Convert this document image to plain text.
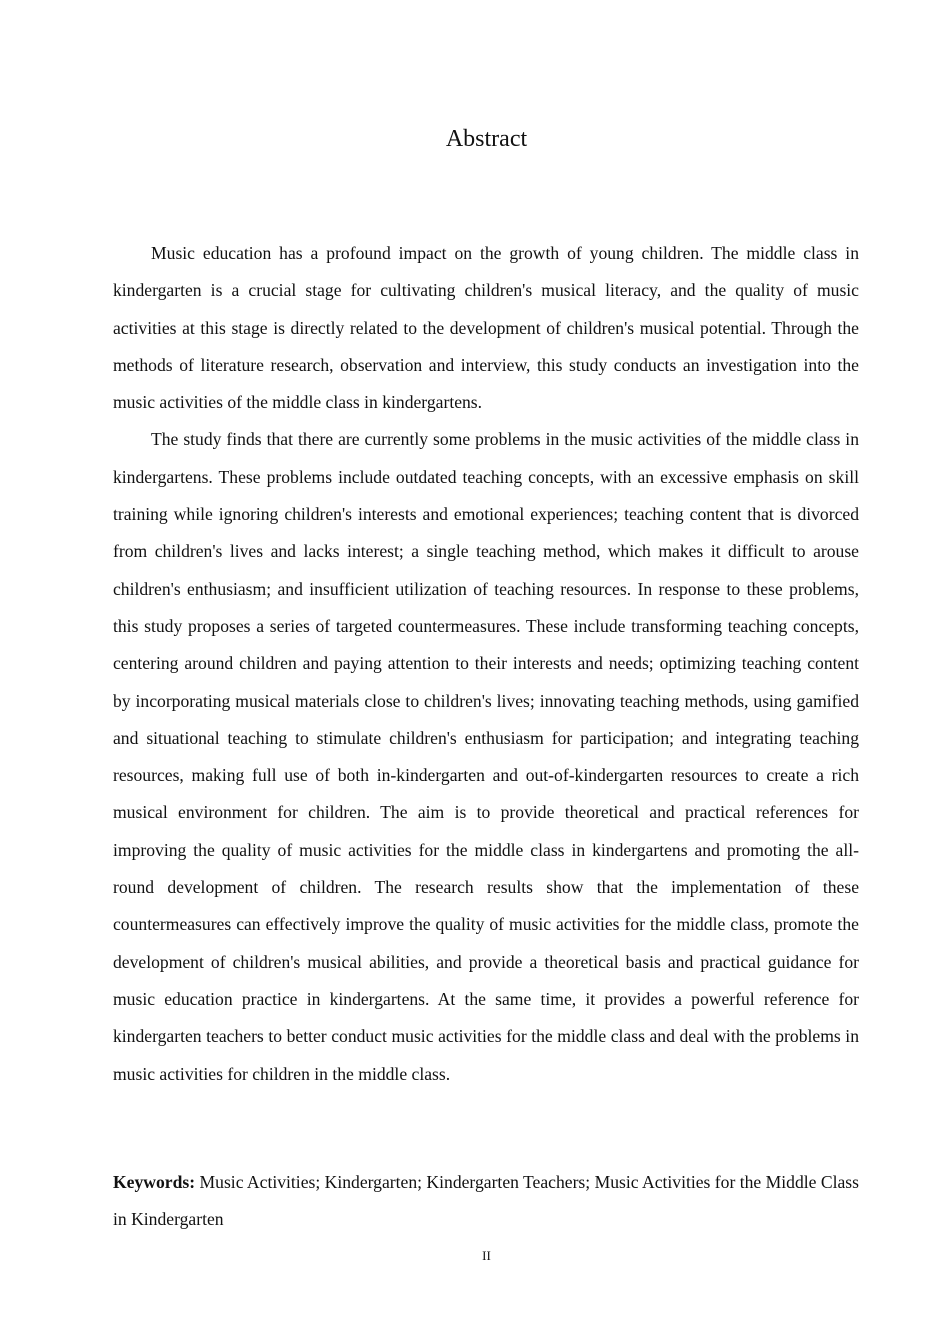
Abstract

Music education has a profound impact on the growth of young children. The middle class in kindergarten is a crucial stage for cultivating children's musical literacy, and the quality of music activities at this stage is directly related to the development of children's musical potential. Through the methods of literature research, observation and interview, this study conducts an investigation into the music activities of the middle class in kindergartens.

The study finds that there are currently some problems in the music activities of the middle class in kindergartens. These problems include outdated teaching concepts, with an excessive emphasis on skill training while ignoring children's interests and emotional experiences; teaching content that is divorced from children's lives and lacks interest; a single teaching method, which makes it difficult to arouse children's enthusiasm; and insufficient utilization of teaching resources. In response to these problems, this study proposes a series of targeted countermeasures. These include transforming teaching concepts, centering around children and paying attention to their interests and needs; optimizing teaching content by incorporating musical materials close to children's lives; innovating teaching methods, using gamified and situational teaching to stimulate children's enthusiasm for participation; and integrating teaching resources, making full use of both in-kindergarten and out-of-kindergarten resources to create a rich musical environment for children. The aim is to provide theoretical and practical references for improving the quality of music activities for the middle class in kindergartens and promoting the all-round development of children. The research results show that the implementation of these countermeasures can effectively improve the quality of music activities for the middle class, promote the development of children's musical abilities, and provide a theoretical basis and practical guidance for music education practice in kindergartens. At the same time, it provides a powerful reference for kindergarten teachers to better conduct music activities for the middle class and deal with the problems in music activities for children in the middle class.

Keywords: Music Activities; Kindergarten; Kindergarten Teachers; Music Activities for the Middle Class in Kindergarten

II
